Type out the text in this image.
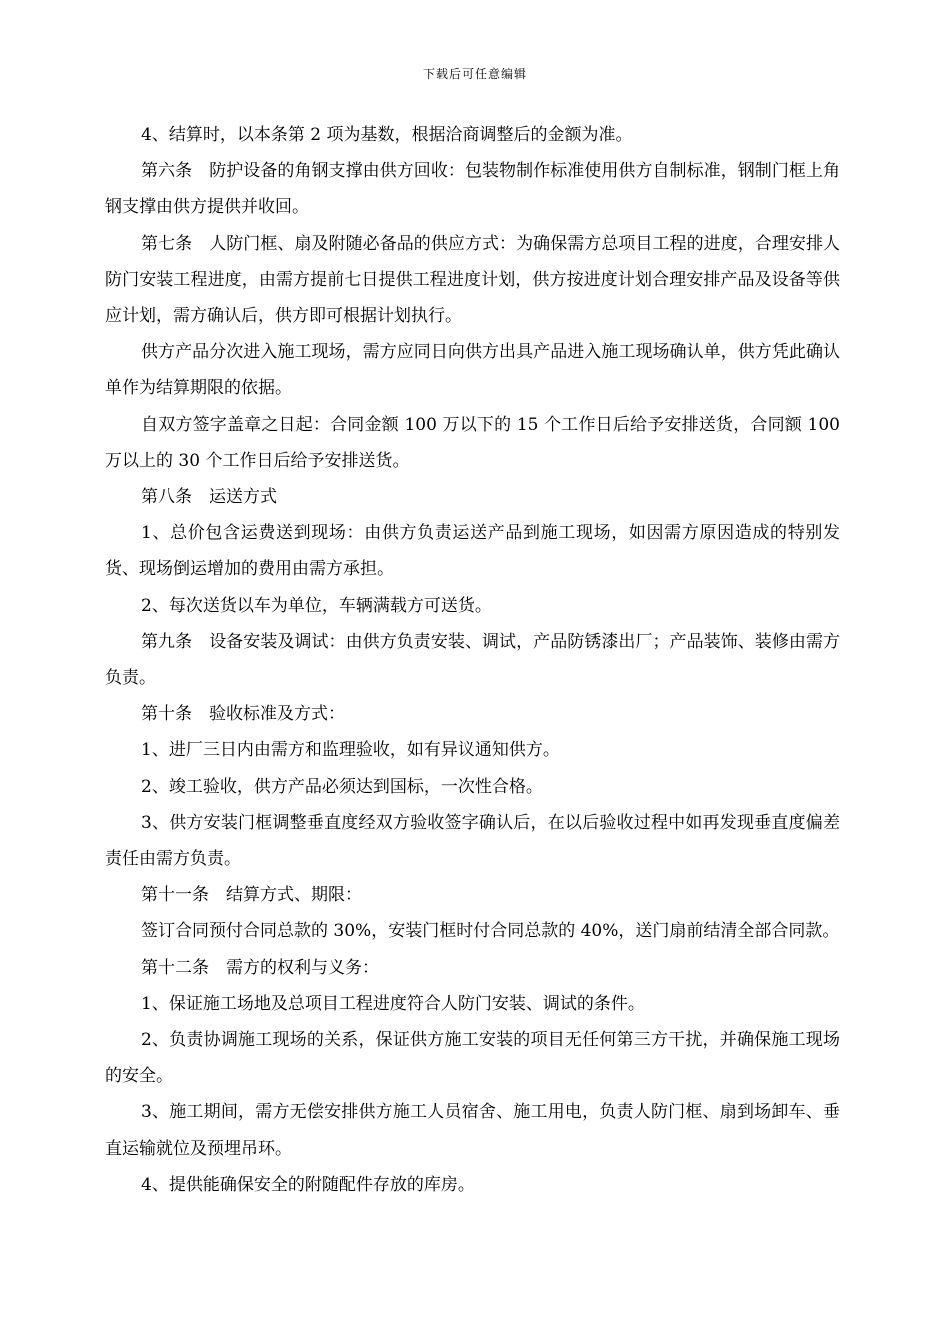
下载后可任意编辑

4、结算时，以本条第 2 项为基数，根据洽商调整后的金额为准。

第六条　防护设备的角钢支撑由供方回收：包装物制作标准使用供方自制标准，钢制门框上角钢支撑由供方提供并收回。

第七条　人防门框、扇及附随必备品的供应方式：为确保需方总项目工程的进度，合理安排人防门安装工程进度，由需方提前七日提供工程进度计划，供方按进度计划合理安排产品及设备等供应计划，需方确认后，供方即可根据计划执行。

供方产品分次进入施工现场，需方应同日向供方出具产品进入施工现场确认单，供方凭此确认单作为结算期限的依据。

自双方签字盖章之日起：合同金额 100 万以下的 15 个工作日后给予安排送货，合同额 100 万以上的 30 个工作日后给予安排送货。

第八条　运送方式

1、总价包含运费送到现场：由供方负责运送产品到施工现场，如因需方原因造成的特别发货、现场倒运增加的费用由需方承担。

2、每次送货以车为单位，车辆满载方可送货。

第九条　设备安装及调试：由供方负责安装、调试，产品防锈漆出厂；产品装饰、装修由需方负责。

第十条　验收标准及方式：

1、进厂三日内由需方和监理验收，如有异议通知供方。

2、竣工验收，供方产品必须达到国标，一次性合格。

3、供方安装门框调整垂直度经双方验收签字确认后，在以后验收过程中如再发现垂直度偏差责任由需方负责。

第十一条　结算方式、期限：

签订合同预付合同总款的 30%，安装门框时付合同总款的 40%，送门扇前结清全部合同款。

第十二条　需方的权利与义务：

1、保证施工场地及总项目工程进度符合人防门安装、调试的条件。

2、负责协调施工现场的关系，保证供方施工安装的项目无任何第三方干扰，并确保施工现场的安全。

3、施工期间，需方无偿安排供方施工人员宿舍、施工用电，负责人防门框、扇到场卸车、垂直运输就位及预埋吊环。

4、提供能确保安全的附随配件存放的库房。
